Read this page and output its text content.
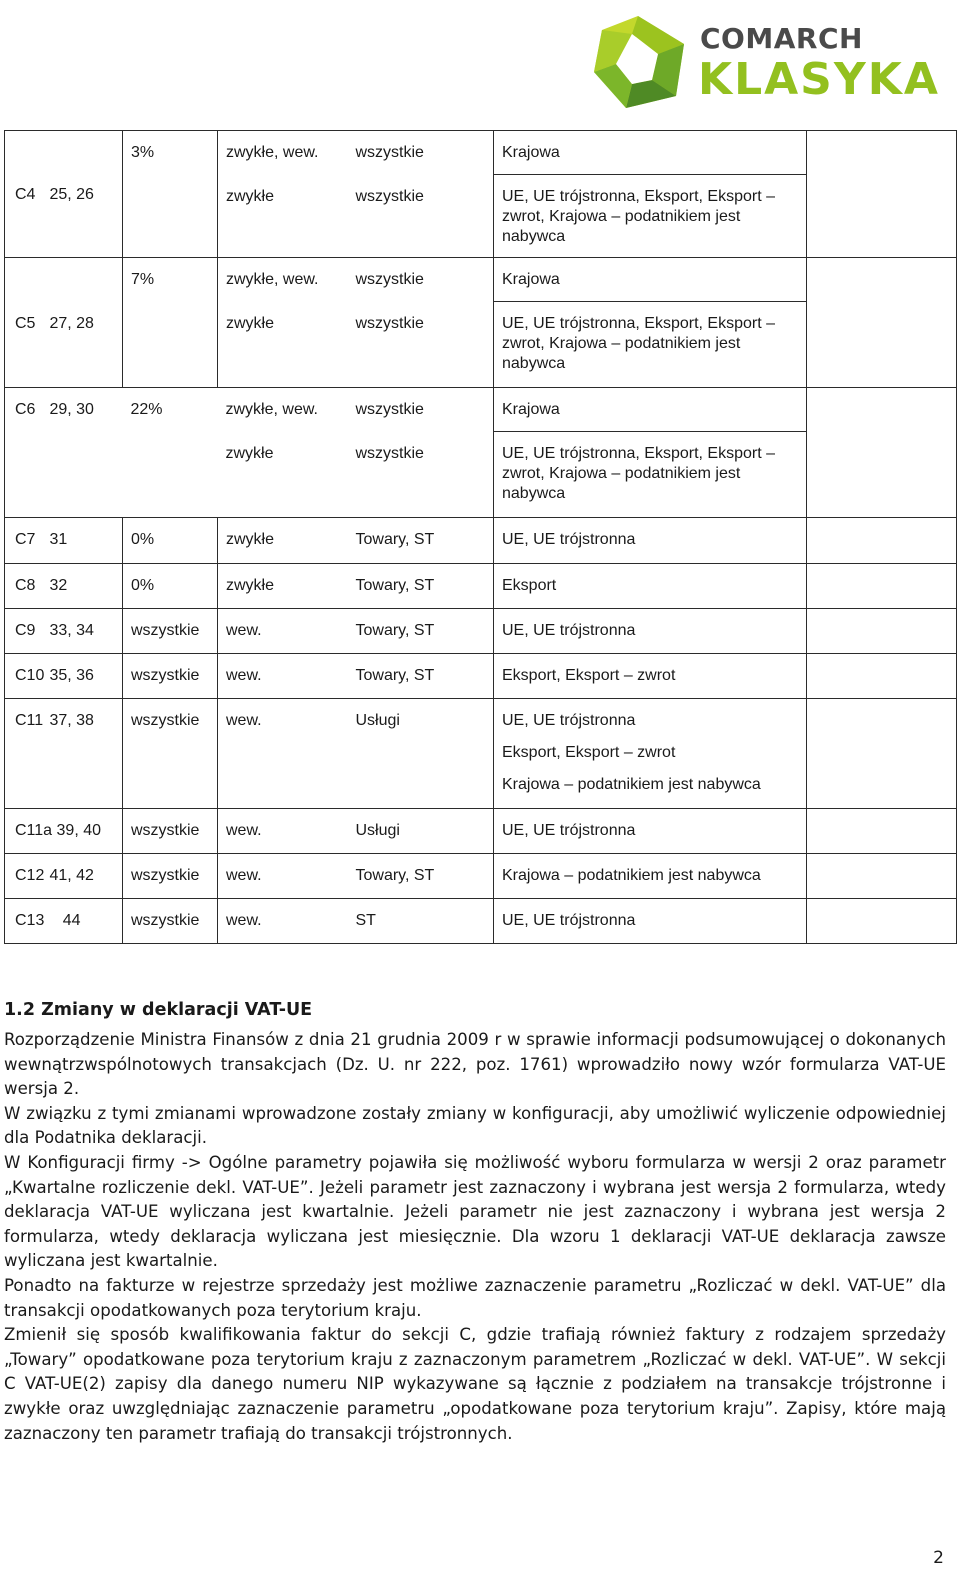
COMARCH
KLASYKA
C4 25, 26	3%	zwykłe, wew.	wszystkie	Krajowa	
		zwykłe	wszystkie	UE, UE trójstronna, Eksport, Eksport – zwrot, Krajowa – podatnikiem jest nabywca	
C5 27, 28	7%	zwykłe, wew.	wszystkie	Krajowa	
		zwykłe	wszystkie	UE, UE trójstronna, Eksport, Eksport – zwrot, Krajowa – podatnikiem jest nabywca	
C6 29, 30	22%	zwykłe, wew.	wszystkie	Krajowa	
		zwykłe	wszystkie	UE, UE trójstronna, Eksport, Eksport – zwrot, Krajowa – podatnikiem jest nabywca	
C7 31	0%	zwykłe	Towary, ST	UE, UE trójstronna	
C8 32	0%	zwykłe	Towary, ST	Eksport	
C9 33, 34	wszystkie	wew.	Towary, ST	UE, UE trójstronna	
C10 35, 36	wszystkie	wew.	Towary, ST	Eksport, Eksport – zwrot	
C11 37, 38	wszystkie	wew.	Usługi	UE, UE trójstronna
Eksport, Eksport – zwrot
Krajowa – podatnikiem jest nabywca	

C11a 39, 40	wszystkie	wew.	Usługi	UE, UE trójstronna	
C12 41, 42	wszystkie	wew.	Towary, ST	Krajowa – podatnikiem jest nabywca	
C13 44	wszystkie	wew.	ST	UE, UE trójstronna	
1.2 Zmiany w deklaracji VAT-UE

Rozporządzenie Ministra Finansów z dnia 21 grudnia 2009 r w sprawie informacji podsumowującej o dokonanych wewnątrzwspólnotowych transakcjach (Dz. U. nr 222, poz. 1761) wprowadziło nowy wzór formularza VAT-UE wersja 2.

W związku z tymi zmianami wprowadzone zostały zmiany w konfiguracji, aby umożliwić wyliczenie odpowiedniej dla Podatnika deklaracji.

W Konfiguracji firmy -> Ogólne parametry pojawiła się możliwość wyboru formularza w wersji 2 oraz parametr „Kwartalne rozliczenie dekl. VAT-UE”. Jeżeli parametr jest zaznaczony i wybrana jest wersja 2 formularza, wtedy deklaracja VAT-UE wyliczana jest kwartalnie. Jeżeli parametr nie jest zaznaczony i wybrana jest wersja 2 formularza, wtedy deklaracja wyliczana jest miesięcznie. Dla wzoru 1 deklaracji VAT-UE deklaracja zawsze wyliczana jest kwartalnie.

Ponadto na fakturze w rejestrze sprzedaży jest możliwe zaznaczenie parametru „Rozliczać w dekl. VAT-UE” dla transakcji opodatkowanych poza terytorium kraju.

Zmienił się sposób kwalifikowania faktur do sekcji C, gdzie trafiają również faktury z rodzajem sprzedaży „Towary” opodatkowane poza terytorium kraju z zaznaczonym parametrem „Rozliczać w dekl. VAT-UE”. W sekcji C VAT-UE(2) zapisy dla danego numeru NIP wykazywane są łącznie z podziałem na transakcje trójstronne i zwykłe oraz uwzględniając zaznaczenie parametru „opodatkowane poza terytorium kraju”. Zapisy, które mają zaznaczony ten parametr trafiają do transakcji trójstronnych.

2
